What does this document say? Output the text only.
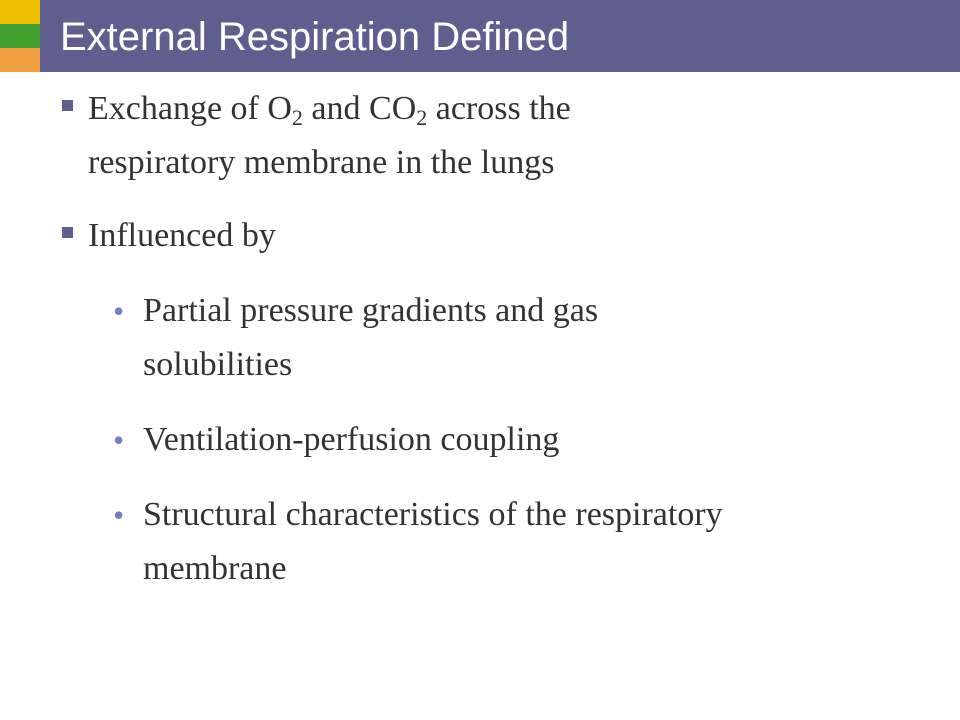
External Respiration Defined
Exchange of $O_2$ and $CO_2$ across the
respiratory membrane in the lungs
Influenced by
• Partial pressure gradients and gas
solubilities
• Ventilation-perfusion coupling
• Structural characteristics of the respiratory
membrane
